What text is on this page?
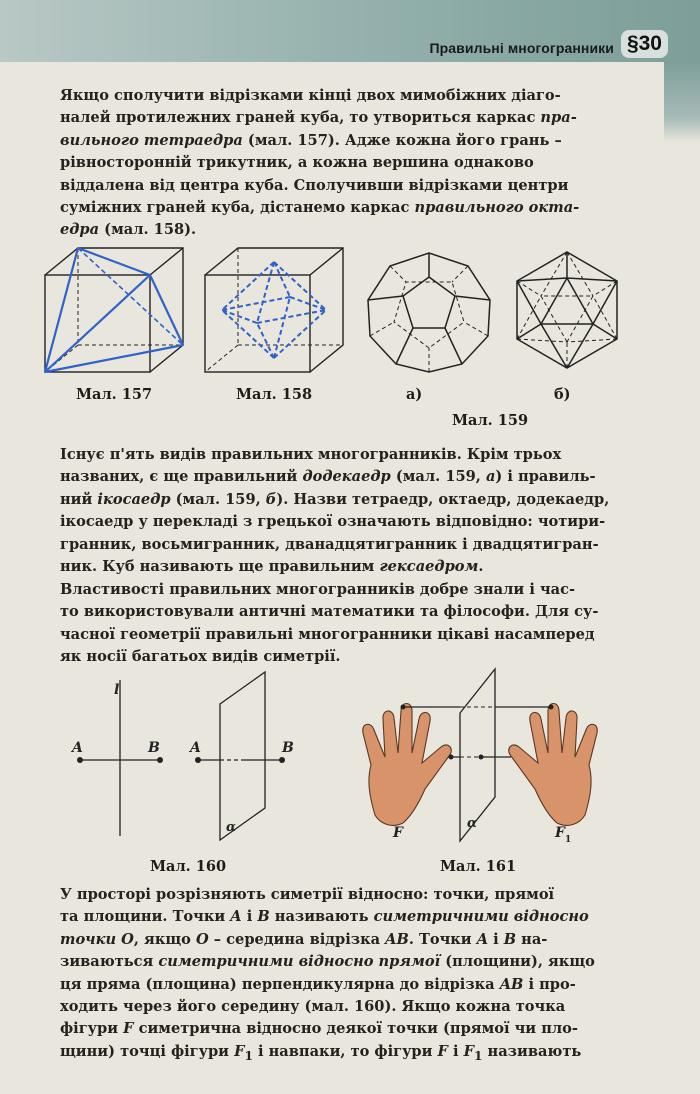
Правильні многогранники §30
Якщо сполучити відрізками кінці двох мимобіжних діаго-
налей протилежних граней куба, то утвориться каркас пра-
вильного тетраедра (мал. 157). Адже кожна його грань –
рівносторонній трикутник, а кожна вершина однаково
віддалена від центра куба. Сполучивши відрізками центри
суміжних граней куба, дістанемо каркас правильного окта-
едра (мал. 158).
Мал. 157	Мал. 158	а)	б)
Мал. 159
Існує п'ять видів правильних многогранників. Крім трьох
названих, є ще правильний додекаедр (мал. 159, а) і правиль-
ний ікосаедр (мал. 159, б). Назви тетраедр, октаедр, додекаедр,
ікосаедр у перекладі з грецької означають відповідно: чотири-
гранник, восьмигранник, дванадцятигранник і двадцятигран-
ник. Куб називають ще правильним гексаедром.
Властивості правильних многогранників добре знали і час-
то використовували античні математики та філософи. Для су-
часної геометрії правильні многогранники цікаві насамперед
як носії багатьох видів симетрії.
l
A	B A	B
α
Мал. 160
F
α
F 1
Мал. 161
У просторі розрізняють симетрії відносно: точки, прямої
та площини. Точки A і B називають симетричними відносно
точки O, якщо O – середина відрізка AB. Точки A і B на-
зиваються симетричними відносно прямої (площини), якщо
ця пряма (площина) перпендикулярна до відрізка AB і про-
ходить через його середину (мал. 160). Якщо кожна точка
фігури F симетрична відносно деякої точки (прямої чи пло-
щини) точці фігури $F_1$ і навпаки, то фігури F і $F_1$ називають
